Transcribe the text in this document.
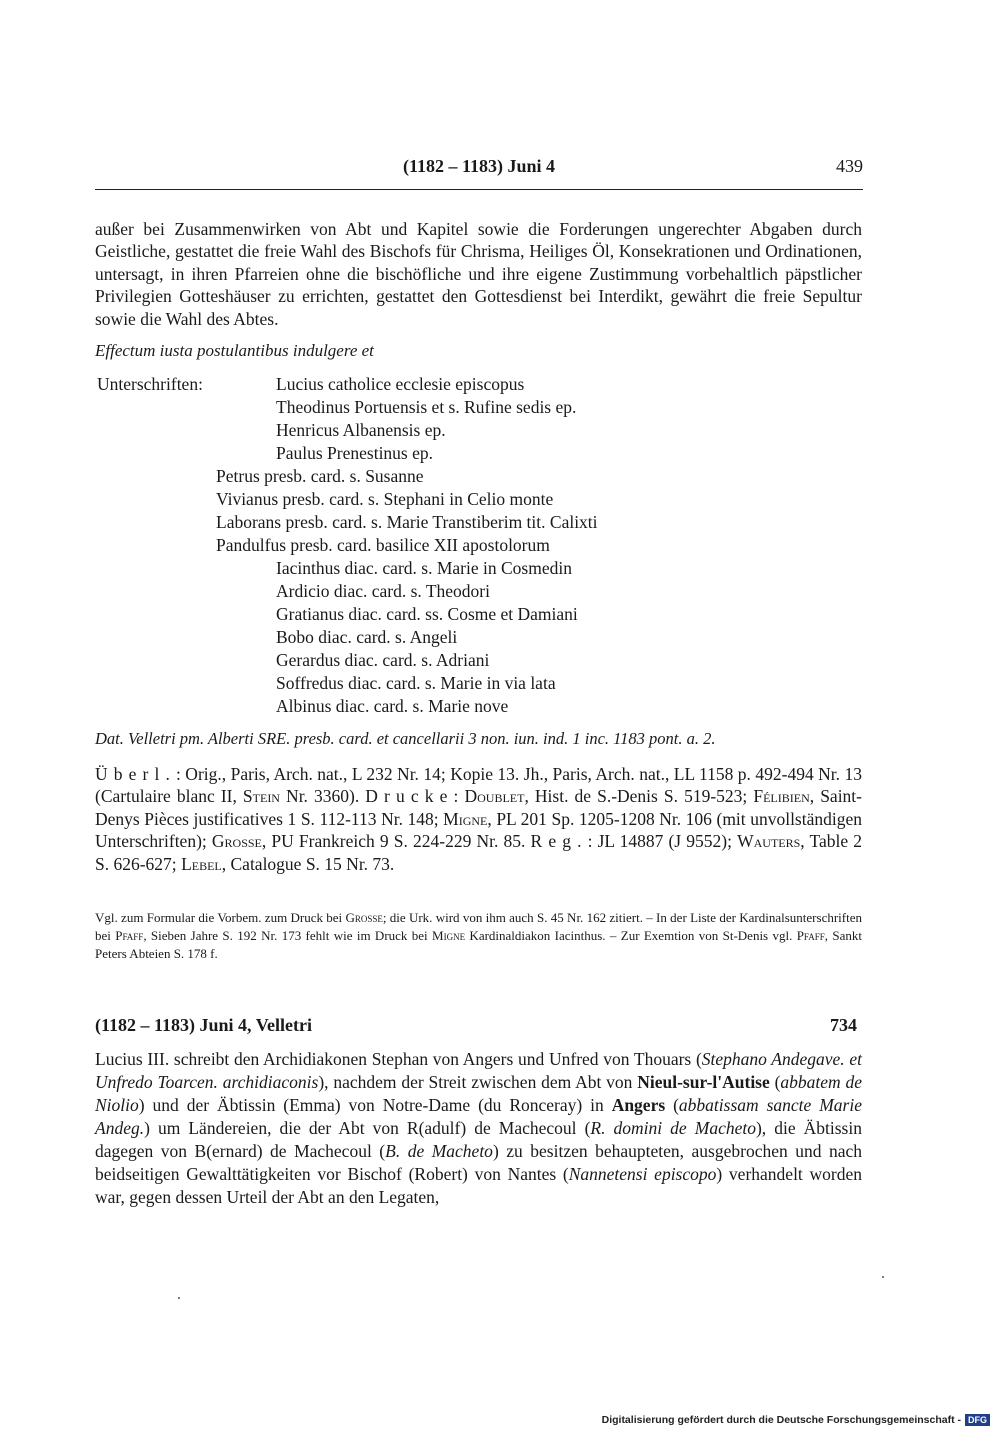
(1182 – 1183) Juni 4	439

außer bei Zusammenwirken von Abt und Kapitel sowie die Forderungen ungerechter Abgaben durch Geistliche, gestattet die freie Wahl des Bischofs für Chrisma, Heiliges Öl, Konsekrationen und Ordinationen, untersagt, in ihren Pfarreien ohne die bischöfliche und ihre eigene Zustimmung vorbehaltlich päpstlicher Privilegien Gotteshäuser zu errichten, gestattet den Gottesdienst bei Interdikt, gewährt die freie Sepultur sowie die Wahl des Abtes.

Effectum iusta postulantibus indulgere et
Unterschriften:	Lucius catholice ecclesie episcopus
Theodinus Portuensis et s. Rufine sedis ep.
Henricus Albanensis ep.
Paulus Prenestinus ep.
Petrus presb. card. s. Susanne
Vivianus presb. card. s. Stephani in Celio monte
Laborans presb. card. s. Marie Transtiberim tit. Calixti
Pandulfus presb. card. basilice XII apostolorum
Iacinthus diac. card. s. Marie in Cosmedin
Ardicio diac. card. s. Theodori
Gratianus diac. card. ss. Cosme et Damiani
Bobo diac. card. s. Angeli
Gerardus diac. card. s. Adriani
Soffredus diac. card. s. Marie in via lata
Albinus diac. card. s. Marie nove
Dat. Velletri pm. Alberti SRE. presb. card. et cancellarii 3 non. iun. ind. 1 inc. 1183 pont. a. 2.

Überl.: Orig., Paris, Arch. nat., L 232 Nr. 14; Kopie 13. Jh., Paris, Arch. nat., LL 1158 p. 492-494 Nr. 13 (Cartulaire blanc II, Stein Nr. 3360). Drucke: Doublet, Hist. de S.-Denis S. 519-523; Félibien, Saint-Denys Pièces justificatives 1 S. 112-113 Nr. 148; Migne, PL 201 Sp. 1205-1208 Nr. 106 (mit unvollständigen Unterschriften); Grosse, PU Frankreich 9 S. 224-229 Nr. 85. Reg.: JL 14887 (J 9552); Wauters, Table 2 S. 626-627; Lebel, Catalogue S. 15 Nr. 73.

Vgl. zum Formular die Vorbem. zum Druck bei Grosse; die Urk. wird von ihm auch S. 45 Nr. 162 zitiert. – In der Liste der Kardinalsunterschriften bei Pfaff, Sieben Jahre S. 192 Nr. 173 fehlt wie im Druck bei Migne Kardinaldiakon Iacinthus. – Zur Exemtion von St-Denis vgl. Pfaff, Sankt Peters Abteien S. 178 f.

(1182 – 1183) Juni 4, Velletri	734

Lucius III. schreibt den Archidiakonen Stephan von Angers und Unfred von Thouars (Stephano Andegave. et Unfredo Toarcen. archidiaconis), nachdem der Streit zwischen dem Abt von Nieul-sur-l'Autise (abbatem de Niolio) und der Äbtissin (Emma) von Notre-Dame (du Ronceray) in Angers (abbatissam sancte Marie Andeg.) um Ländereien, die der Abt von R(adulf) de Machecoul (R. domini de Macheto), die Äbtissin dagegen von B(ernard) de Machecoul (B. de Macheto) zu besitzen behaupteten, ausgebrochen und nach beidseitigen Gewalttätigkeiten vor Bischof (Robert) von Nantes (Nannetensi episcopo) verhandelt worden war, gegen dessen Urteil der Abt an den Legaten,

Digitalisierung gefördert durch die Deutsche Forschungsgemeinschaft - DFG
